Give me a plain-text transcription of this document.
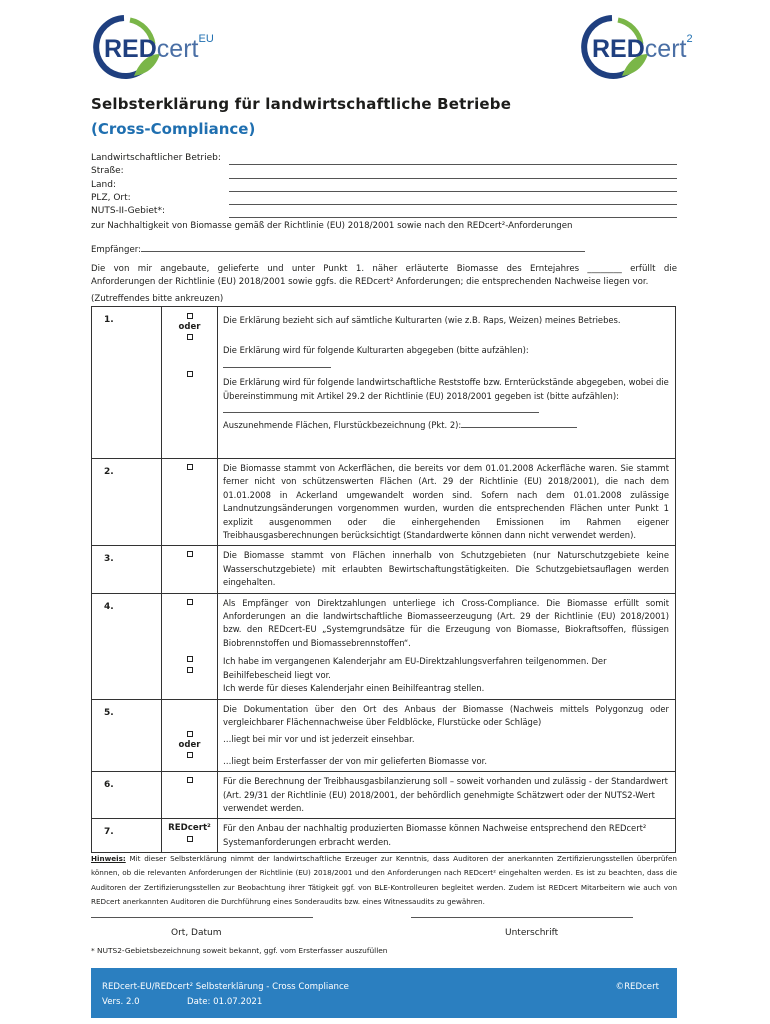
REDcert$^{EU}$	REDcert$^2$
Selbsterklärung für landwirtschaftliche Betriebe
(Cross-Compliance)
Landwirtschaftlicher Betrieb:
Straße:
Land:
PLZ, Ort:
NUTS-II-Gebiet*:
zur Nachhaltigkeit von Biomasse gemäß der Richtlinie (EU) 2018/2001 sowie nach den REDcert²-Anforderungen
Empfänger:
Die von mir angebaute, gelieferte und unter Punkt 1. näher erläuterte Biomasse des Erntejahres ________ erfüllt die
Anforderungen der Richtlinie (EU) 2018/2001 sowie ggfs. die REDcert² Anforderungen; die entsprechenden Nachweise liegen vor.
(Zutreffendes bitte ankreuzen)
1.	oder	Die Erklärung bezieht sich auf sämtliche Kulturarten (wie z.B. Raps, Weizen) meines Betriebes.
Die Erklärung wird für folgende Kulturarten abgegeben (bitte aufzählen):
Die Erklärung wird für folgende landwirtschaftliche Reststoffe bzw. Ernterückstände abgegeben, wobei die Übereinstimmung mit Artikel 29.2 der Richtlinie (EU) 2018/2001 gegeben ist (bitte aufzählen):
Auszunehmende Flächen, Flurstückbezeichnung (Pkt. 2):

2.		Die Biomasse stammt von Ackerflächen, die bereits vor dem 01.01.2008 Ackerfläche waren. Sie stammt ferner nicht von schützenswerten Flächen (Art. 29 der Richtlinie (EU) 2018/2001), die nach dem 01.01.2008 in Ackerland umgewandelt worden sind. Sofern nach dem 01.01.2008 zulässige Landnutzungsänderungen vorgenommen wurden, wurden die entsprechenden Flächen unter Punkt 1 explizit ausgenommen oder die einhergehenden Emissionen im Rahmen eigener Treibhausgasberechnungen berücksichtigt (Standardwerte können dann nicht verwendet werden).
3.		Die Biomasse stammt von Flächen innerhalb von Schutzgebieten (nur Naturschutzgebiete keine Wasserschutzgebiete) mit erlaubten Bewirtschaftungstätigkeiten. Die Schutzgebietsauflagen werden eingehalten.
4.		Als Empfänger von Direktzahlungen unterliege ich Cross-Compliance. Die Biomasse erfüllt somit Anforderungen an die landwirtschaftliche Biomasseerzeugung (Art. 29 der Richtlinie (EU) 2018/2001) bzw. den REDcert-EU „Systemgrundsätze für die Erzeugung von Biomasse, Biokraftsoffen, flüssigen Biobrennstoffen und Biomassebrennstoffen“.
Ich habe im vergangenen Kalenderjahr am EU-Direktzahlungsverfahren teilgenommen. Der Beihilfebescheid liegt vor.
Ich werde für dieses Kalenderjahr einen Beihilfeantrag stellen.

5.	oder	Die Dokumentation über den Ort des Anbaus der Biomasse (Nachweis mittels Polygonzug oder vergleichbarer Flächennachweise über Feldblöcke, Flurstücke oder Schläge)
…liegt bei mir vor und ist jederzeit einsehbar.
…liegt beim Ersterfasser der von mir gelieferten Biomasse vor.

6.		Für die Berechnung der Treibhausgasbilanzierung soll – soweit vorhanden und zulässig - der Standardwert (Art. 29/31 der Richtlinie (EU) 2018/2001, der behördlich genehmigte Schätzwert oder der NUTS2-Wert verwendet werden.
7.	REDcert²	Für den Anbau der nachhaltig produzierten Biomasse können Nachweise entsprechend den REDcert² Systemanforderungen erbracht werden.
Hinweis: Mit dieser Selbsterklärung nimmt der landwirtschaftliche Erzeuger zur Kenntnis, dass Auditoren der anerkannten Zertifizierungsstellen überprüfen können, ob die relevanten Anforderungen der Richtlinie (EU) 2018/2001 und den Anforderungen nach REDcert² eingehalten werden. Es ist zu beachten, dass die Auditoren der Zertifizierungsstellen zur Beobachtung ihrer Tätigkeit ggf. von BLE-Kontrolleuren begleitet werden. Zudem ist REDcert Mitarbeitern wie auch von REDcert anerkannten Auditoren die Durchführung eines Sonderaudits bzw. eines Witnessaudits zu gewähren.
Ort, Datum	Unterschrift
* NUTS2-Gebietsbezeichnung soweit bekannt, ggf. vom Ersterfasser auszufüllen
REDcert-EU/REDcert² Selbsterklärung - Cross Compliance
Vers. 2.0	Date: 01.07.2021
©REDcert
